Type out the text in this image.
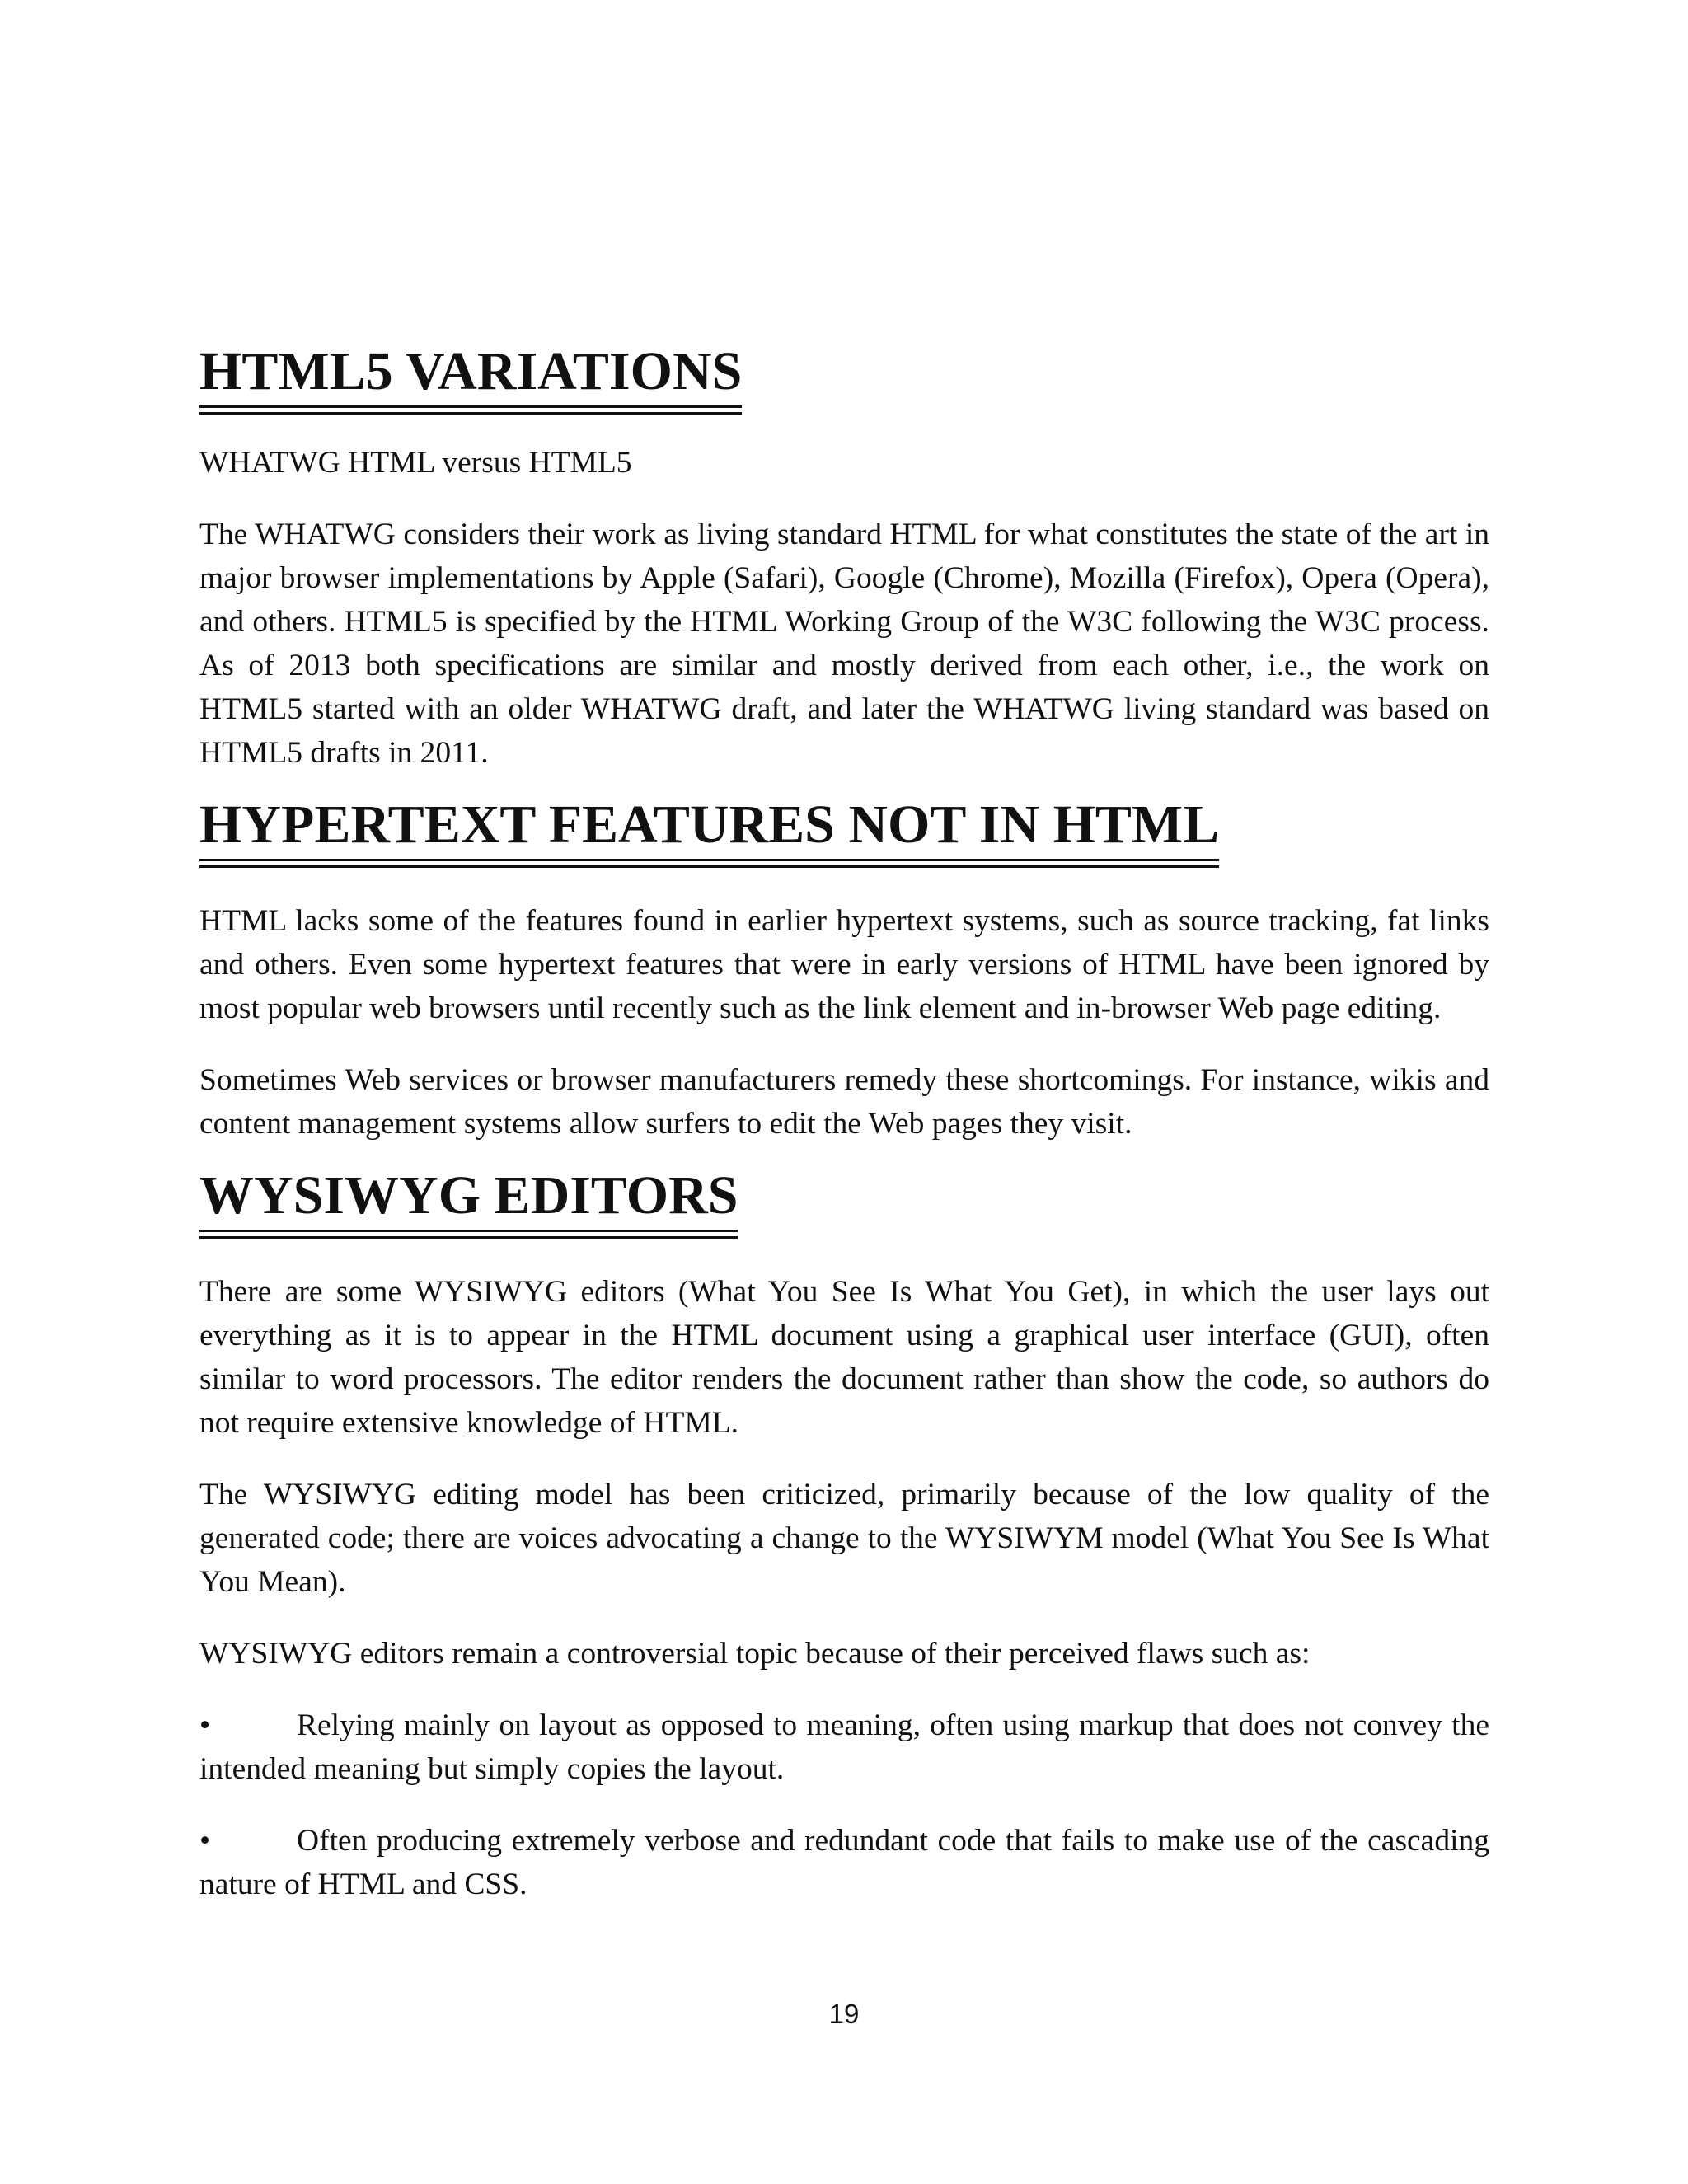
HTML5 VARIATIONS

WHATWG HTML versus HTML5

The WHATWG considers their work as living standard HTML for what constitutes the state of the art in major browser implementations by Apple (Safari), Google (Chrome), Mozilla (Firefox), Opera (Opera), and others. HTML5 is specified by the HTML Working Group of the W3C following the W3C process. As of 2013 both specifications are similar and mostly derived from each other, i.e., the work on HTML5 started with an older WHATWG draft, and later the WHATWG living standard was based on HTML5 drafts in 2011.

HYPERTEXT FEATURES NOT IN HTML

HTML lacks some of the features found in earlier hypertext systems, such as source tracking, fat links and others. Even some hypertext features that were in early versions of HTML have been ignored by most popular web browsers until recently such as the link element and in-browser Web page editing.

Sometimes Web services or browser manufacturers remedy these shortcomings. For instance, wikis and content management systems allow surfers to edit the Web pages they visit.

WYSIWYG EDITORS

There are some WYSIWYG editors (What You See Is What You Get), in which the user lays out everything as it is to appear in the HTML document using a graphical user interface (GUI), often similar to word processors. The editor renders the document rather than show the code, so authors do not require extensive knowledge of HTML.

The WYSIWYG editing model has been criticized, primarily because of the low quality of the generated code; there are voices advocating a change to the WYSIWYM model (What You See Is What You Mean).

WYSIWYG editors remain a controversial topic because of their perceived flaws such as:

•	Relying mainly on layout as opposed to meaning, often using markup that does not convey the intended meaning but simply copies the layout.

•	Often producing extremely verbose and redundant code that fails to make use of the cascading nature of HTML and CSS.

19
